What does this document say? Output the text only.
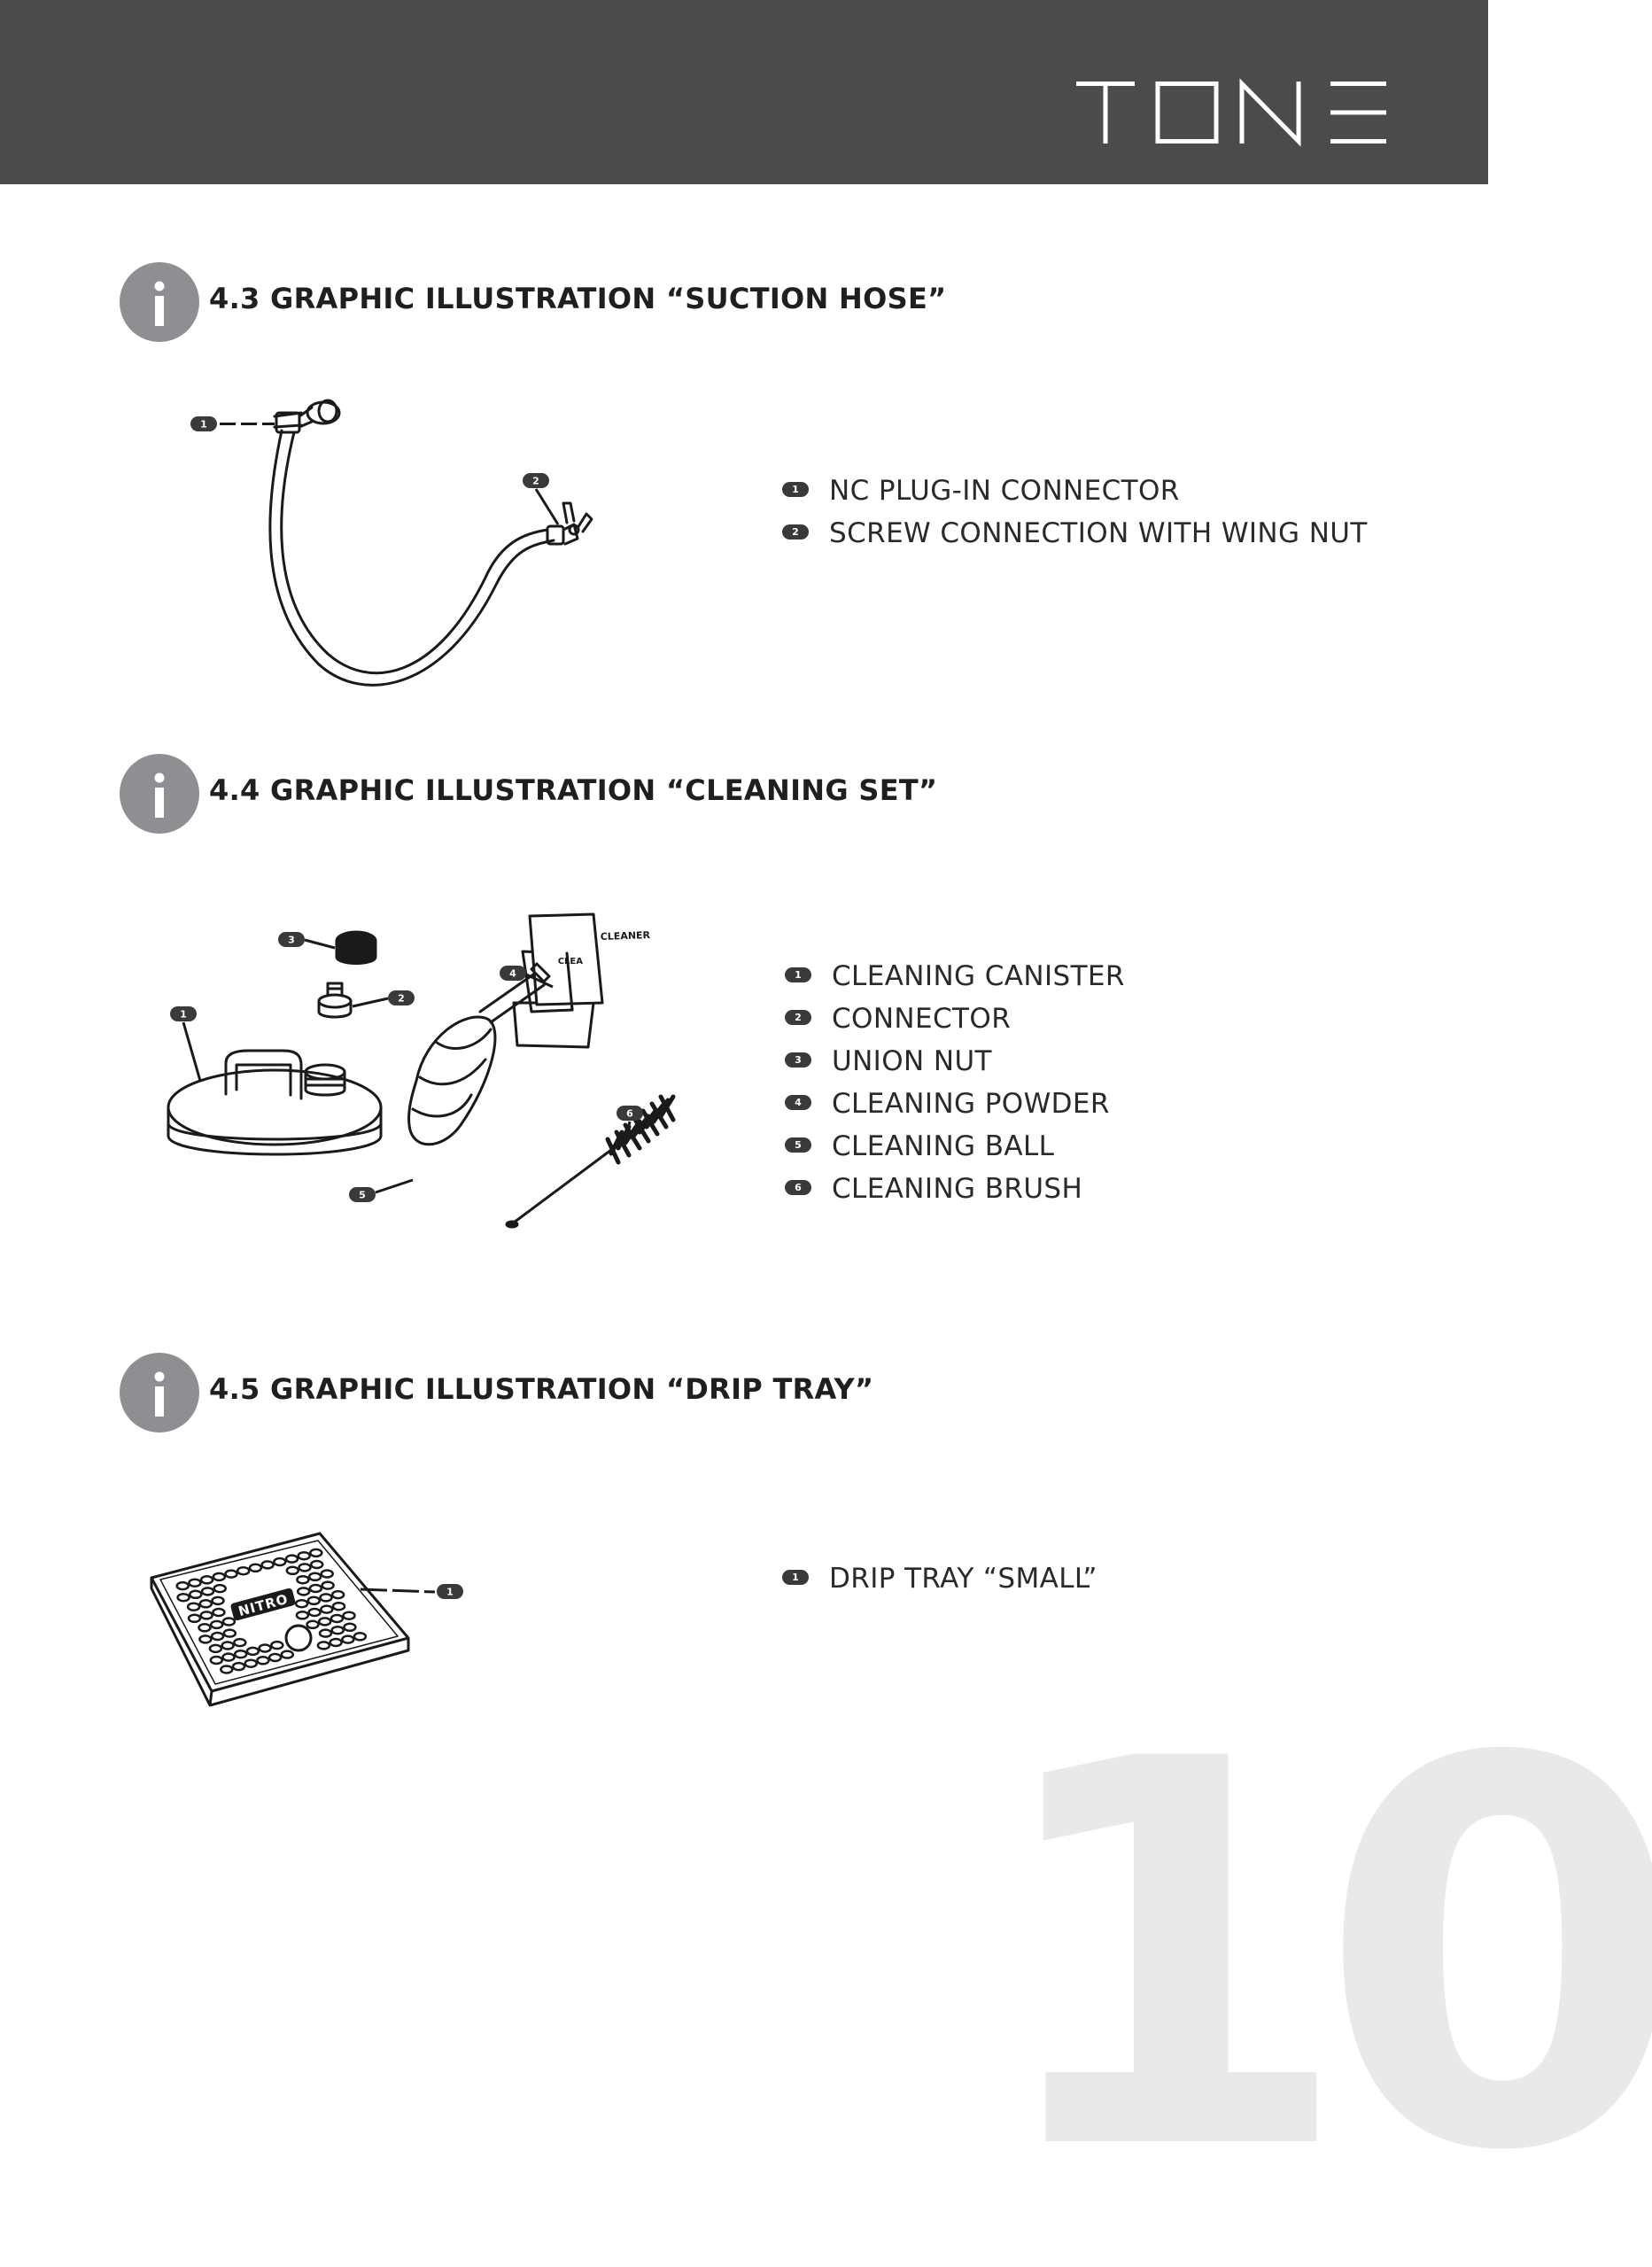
TONE
4.3 GRAPHIC ILLUSTRATION “SUCTION HOSE”
1
2
1	NC PLUG-IN CONNECTOR
2	SCREW CONNECTION WITH WING NUT
4.4 GRAPHIC ILLUSTRATION “CLEANING SET”
CLEANER
CLEA
1
2
3
4
5
6
1	CLEANING CANISTER
2	CONNECTOR
3	UNION NUT
4	CLEANING POWDER
5	CLEANING BALL
6	CLEANING BRUSH
4.5 GRAPHIC ILLUSTRATION “DRIP TRAY”
NITRO	1
1	DRIP TRAY “SMALL”
10
